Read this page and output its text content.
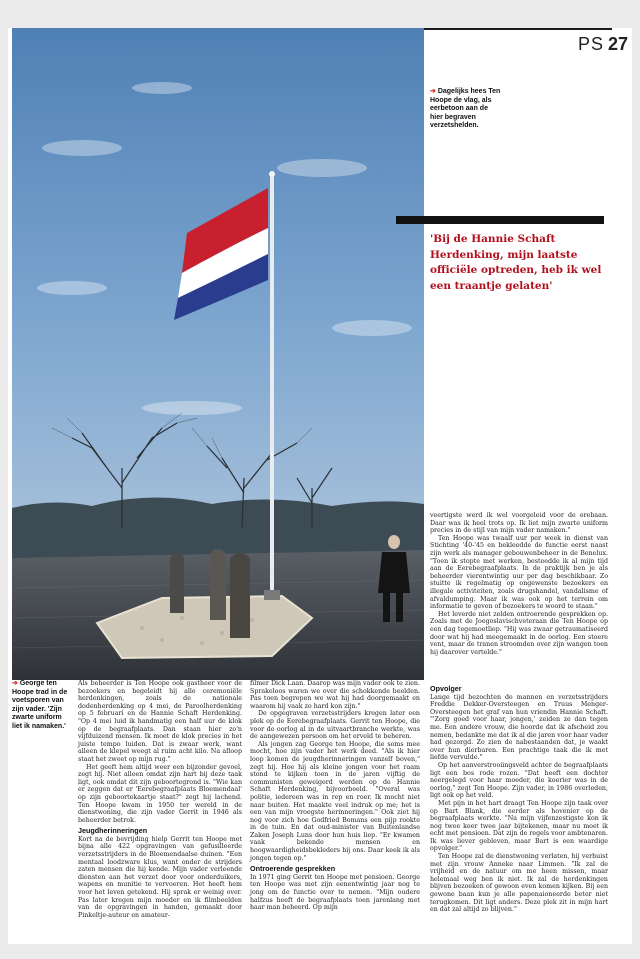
PS 27
➔ Dagelijks hees Ten Hoope de vlag, als eerbetoon aan de hier begraven verzetshelden.
'Bij de Hannie Schaft Herdenking, mijn laatste officiële optreden, heb ik wel een traantje gelaten'
➔ George ten Hoope trad in de voetsporen van zijn vader. 'Zijn zwarte uniform liet ik namaken.'

Als beheerder is Ten Hoope ook gastheer voor de bezoekers en begeleidt hij alle ceremoniële herdenkingen, zoals de nationale dodenherdenking op 4 mei, de Paroolherdenking op 5 februari en de Hannie Schaft Herdenking. "Op 4 mei luid ik handmatig een half uur de klok op de begraafplaats. Dan staan hier zo'n vijfduizend mensen. Ik moet de klok precies in het juiste tempo luiden. Dat is zwaar werk, want alleen de klepel weegt al ruim acht kilo. Na afloop staat het zweet op mijn rug."

Het geeft hem altijd weer een bijzonder gevoel, zegt hij. Niet alleen omdat zijn hart bij deze taak ligt, ook omdat dit zijn geboortegrond is. "Wie kan er zeggen dat er 'Eerebegraafplaats Bloemendaal' op zijn geboortekaartje staat?" zegt hij lachend. Ten Hoope kwam in 1950 ter wereld in de dienstwoning, die zijn vader Gerrit in 1946 als beheerder betrok.

Jeugdherinneringen

Kort na de bevrijding hielp Gerrit ten Hoope met bijna alle 422 opgravingen van gefusilleerde verzetsstrijders in de Bloemendaalse duinen. "Een mentaal loodzware klus, want onder de strijders zaten mensen die hij kende. Mijn vader verleende diensten aan het verzet door voor onderduikers, wapens en munitie te vervoeren. Het heeft hem voor het leven getekend. Hij sprak er weinig over. Pas later kregen mijn moeder en ik filmbeelden van de opgravingen in handen, gemaakt door Pinkeltje-auteur en amateur-

filmer Dick Laan. Daarop was mijn vader ook te zien. Sprakeloos waren we over die schokkende beelden. Pas toen begrepen we wat hij had doorgemaakt en waarom hij vaak zo hard kon zijn."

De opgegraven verzetsstrijders kregen later een plek op de Eerebegraafplaats. Gerrit ten Hoope, die voor de oorlog al in de uitvaartbranche werkte, was de aangewezen persoon om het erveld te beheren.

Als jongen zag George ten Hoope, die soms mee mocht, hoe zijn vader het werk deed. "Als ik hier loop komen de jeugdherinneringen vanzelf boven," zegt hij. Hoe hij als kleine jongen voor het raam stond te kijken toen in de jaren vijftig de communisten geweigerd werden op de Hannie Schaft Herdenking, bijvoorbeeld. "Overal was politie, iedereen was in rep en roer. Ik mocht niet naar buiten. Het maakte veel indruk op me; het is een van mijn vroegste herinneringen." Ook ziet hij nog voor zich hoe Godfried Bomans een pijp rookte in de tuin. En dat oud-minister van Buitenlandse Zaken Joseph Luns door hun huis liep. "Er kwamen vaak bekende mensen en hoogwaardigheidsbekleders bij ons. Daar keek ik als jongen tegen op."

Ontroerende gesprekken

In 1971 ging Gerrit ten Hoope met pensioen. George ten Hoope was met zijn eenentwintig jaar nog te jong om de functie over te nemen. "Mijn oudere halfzus heeft de begraafplaats toen jarenlang met haar man beheerd. Op mijn

veertigste werd ik wel voorgeleid voor de erebaan. Daar was ik heel trots op. Ik liet mijn zwarte uniform precies in de stijl van mijn vader namaken."

Ten Hoope was twaalf uur per week in dienst van Stichting '40-'45 en bekleedde de functie eerst naast zijn werk als manager gebouwenbeheer in de Benelux. "Toen ik stopte met werken, besteedde ik al mijn tijd aan de Eerebegraafplaats. In de praktijk ben je als beheerder vierentwintig uur per dag beschikbaar. Zo stuitte ik regelmatig op ongewenste bezoekers en illegale activiteiten, zoals drugshandel, vandalisme of afvaldumping. Maar ik was ook op het terrein om informatie te geven of bezoekers te woord te staan."

Het leverde niet zelden ontroerende gesprekken op. Zoals met de Joegoslavischveteraan die Ten Hoope op een dag tegemoetliep. "Hij was zwaar getraumatiseerd door wat hij had meegemaakt in de oorlog. Een stoere vent, maar de tranen stroomden over zijn wangen toen hij daarover vertelde."

Opvolger

Lange tijd bezochten de mannen en verzetsstrijders Freddie Dekker-Oversteegen en Truus Menger-Oversteegen het graf van hun vriendin Hannie Schaft. "'Zorg goed voor haar, jongen,' zeiden ze dan tegen me. Een andere vrouw, die hoorde dat ik afscheid zou nemen, bedankte me dat ik al die jaren voor haar vader had gezorgd. Zo zien de nabestaanden dat, je waakt over hun dierbaren. Een prachtige taak die ik met liefde vervulde."

Op het aanverstrooiingsveld achter de begraafplaats ligt een bos rode rozen. "Dat heeft een dochter neergelegd voor haar moeder, die koerier was in de oorlog," zegt Ten Hoope. Zijn vader, in 1986 overleden, ligt ook op het veld.

Met pijn in het hart draagt Ten Hoope zijn taak over op Bart Blank, die eerder als hovenier op de begraafplaats werkte. "Na mijn vijfenzestigste kon ik nog twee keer twee jaar bijtekenen, maar nu moet ik echt met pensioen. Dat zijn de regels voor ambtenaren. Ik was liever gebleven, maar Bart is een waardige opvolger."

Ten Hoope zal de dienstwoning verlaten, hij verhuist met zijn vrouw Anneke naar Limmen. "Ik zal de vrijheid en de natuur om me heen missen, maar helemaal weg ben ik niet. Ik zal de herdenkingen blijven bezoeken of gewoon even komen kijken. Bij een gewone baan kun je alle papenaioneerde beter niet terugkomen. Dit ligt anders. Deze plek zit in mijn hart en dat zal altijd zo blijven."
